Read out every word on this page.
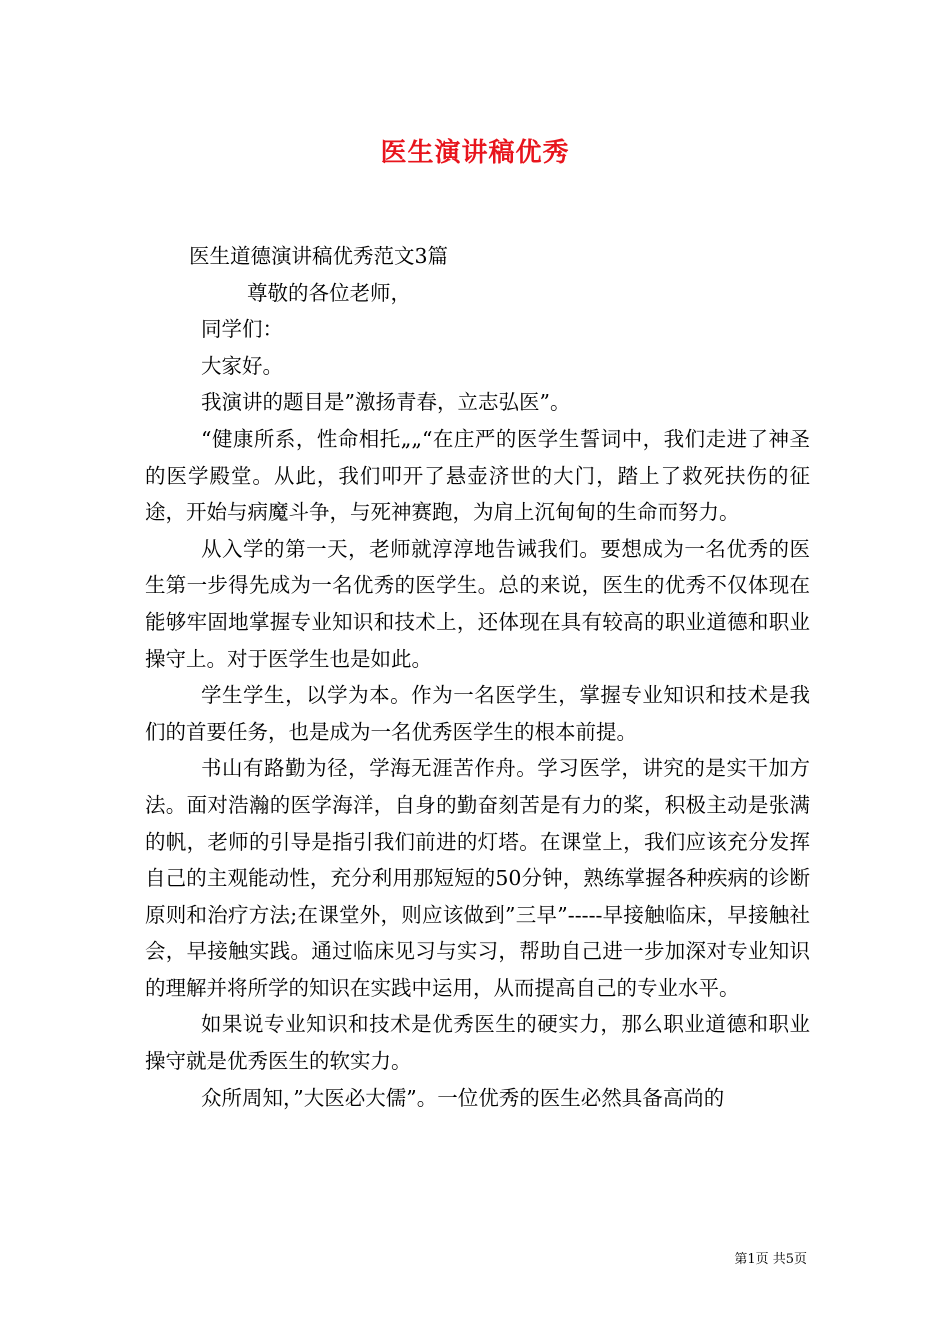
医生演讲稿优秀
医生道德演讲稿优秀范文3篇
尊敬的各位老师，
同学们：
大家好。
我演讲的题目是”激扬青春，立志弘医”。
“健康所系，性命相托„„“在庄严的医学生誓词中，我们走进了神圣的医学殿堂。从此，我们叩开了悬壶济世的大门，踏上了救死扶伤的征途，开始与病魔斗争，与死神赛跑，为肩上沉甸甸的生命而努力。
从入学的第一天，老师就淳淳地告诫我们。要想成为一名优秀的医生第一步得先成为一名优秀的医学生。总的来说，医生的优秀不仅体现在能够牢固地掌握专业知识和技术上，还体现在具有较高的职业道德和职业操守上。对于医学生也是如此。
学生学生，以学为本。作为一名医学生，掌握专业知识和技术是我们的首要任务，也是成为一名优秀医学生的根本前提。
书山有路勤为径，学海无涯苦作舟。学习医学，讲究的是实干加方法。面对浩瀚的医学海洋，自身的勤奋刻苦是有力的桨，积极主动是张满的帆，老师的引导是指引我们前进的灯塔。在课堂上，我们应该充分发挥自己的主观能动性，充分利用那短短的50分钟，熟练掌握各种疾病的诊断原则和治疗方法;在课堂外，则应该做到”三早”-----早接触临床，早接触社会，早接触实践。通过临床见习与实习，帮助自己进一步加深对专业知识的理解并将所学的知识在实践中运用，从而提高自己的专业水平。
如果说专业知识和技术是优秀医生的硬实力，那么职业道德和职业操守就是优秀医生的软实力。
众所周知，”大医必大儒”。一位优秀的医生必然具备高尚的
第1页 共5页
